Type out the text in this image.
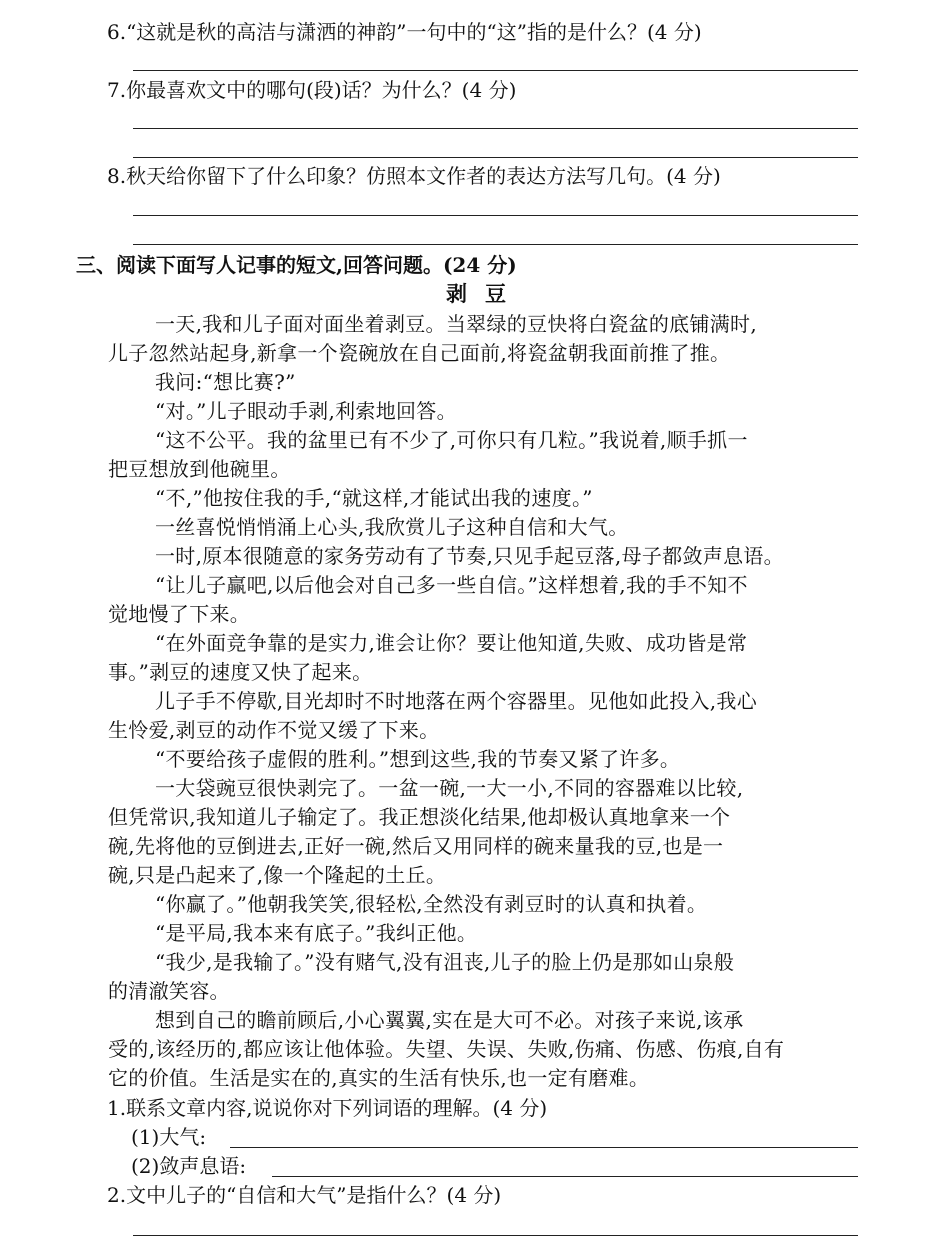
6.“这就是秋的高洁与潇洒的神韵”一句中的“这”指的是什么？(4 分)
7.你最喜欢文中的哪句(段)话？为什么？(4 分)
8.秋天给你留下了什么印象？仿照本文作者的表达方法写几句。(4 分)
三、阅读下面写人记事的短文,回答问题。(24 分)
剥豆
一天,我和儿子面对面坐着剥豆。当翠绿的豆快将白瓷盆的底铺满时,
儿子忽然站起身,新拿一个瓷碗放在自己面前,将瓷盆朝我面前推了推。
我问:“想比赛?”
“对。”儿子眼动手剥,利索地回答。
“这不公平。我的盆里已有不少了,可你只有几粒。”我说着,顺手抓一
把豆想放到他碗里。
“不,”他按住我的手,“就这样,才能试出我的速度。”
一丝喜悦悄悄涌上心头,我欣赏儿子这种自信和大气。
一时,原本很随意的家务劳动有了节奏,只见手起豆落,母子都敛声息语。
“让儿子赢吧,以后他会对自己多一些自信。”这样想着,我的手不知不
觉地慢了下来。
“在外面竞争靠的是实力,谁会让你？要让他知道,失败、成功皆是常
事。”剥豆的速度又快了起来。
儿子手不停歇,目光却时不时地落在两个容器里。见他如此投入,我心
生怜爱,剥豆的动作不觉又缓了下来。
“不要给孩子虚假的胜利。”想到这些,我的节奏又紧了许多。
一大袋豌豆很快剥完了。一盆一碗,一大一小,不同的容器难以比较,
但凭常识,我知道儿子输定了。我正想淡化结果,他却极认真地拿来一个
碗,先将他的豆倒进去,正好一碗,然后又用同样的碗来量我的豆,也是一
碗,只是凸起来了,像一个隆起的土丘。
“你赢了。”他朝我笑笑,很轻松,全然没有剥豆时的认真和执着。
“是平局,我本来有底子。”我纠正他。
“我少,是我输了。”没有赌气,没有沮丧,儿子的脸上仍是那如山泉般
的清澈笑容。
想到自己的瞻前顾后,小心翼翼,实在是大可不必。对孩子来说,该承
受的,该经历的,都应该让他体验。失望、失误、失败,伤痛、伤感、伤痕,自有
它的价值。生活是实在的,真实的生活有快乐,也一定有磨难。
1.联系文章内容,说说你对下列词语的理解。(4 分)
(1)大气:
(2)敛声息语:
2.文中儿子的“自信和大气”是指什么？(4 分)
